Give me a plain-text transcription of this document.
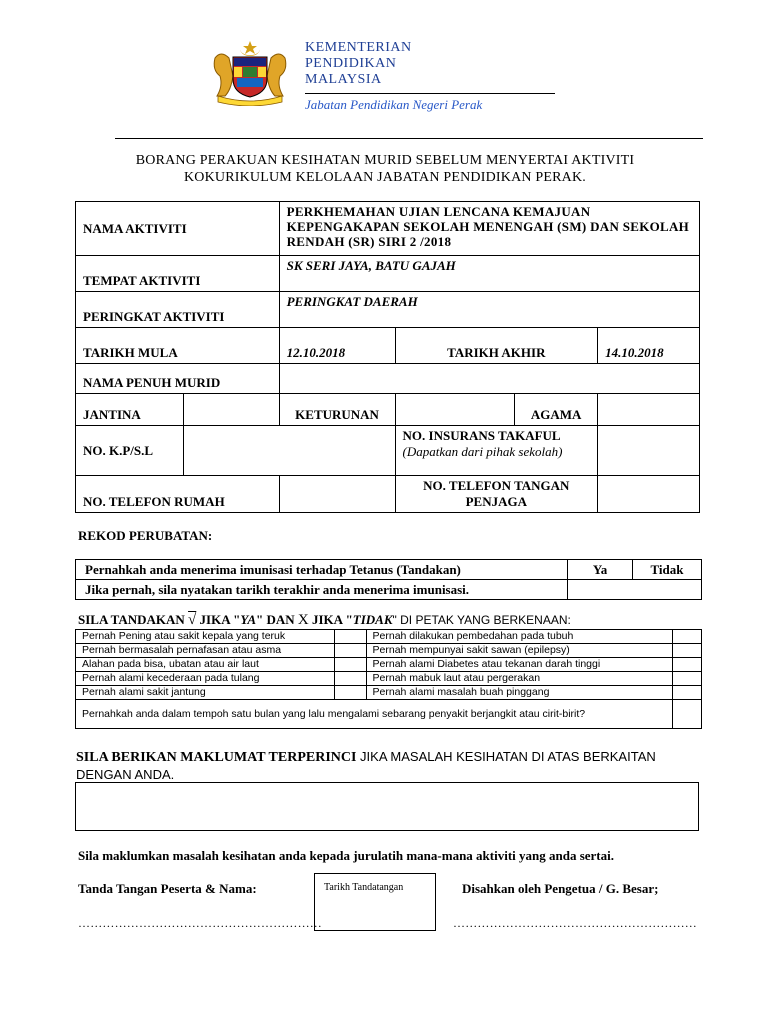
KEMENTERIAN
PENDIDIKAN
MALAYSIA
Jabatan Pendidikan Negeri Perak
BORANG PERAKUAN KESIHATAN MURID SEBELUM MENYERTAI AKTIVITI
KOKURIKULUM KELOLAAN JABATAN PENDIDIKAN PERAK.
NAMA AKTIVITI		PERKHEMAHAN UJIAN LENCANA KEMAJUAN KEPENGAKAPAN SEKOLAH MENENGAH (SM) DAN SEKOLAH RENDAH (SR) SIRI 2 /2018			
TEMPAT AKTIVITI		SK SERI JAYA, BATU GAJAH			
PERINGKAT AKTIVITI		PERINGKAT DAERAH			
TARIKH MULA		12.10.2018	TARIKH AKHIR		14.10.2018
NAMA PENUH MURID					
JANTINA		KETURUNAN		AGAMA	
NO. K.P/S.L			NO. INSURANS TAKAFUL (Dapatkan dari pihak sekolah)		
NO. TELEFON RUMAH			NO. TELEFON TANGAN PENJAGA		
REKOD PERUBATAN:
Pernahkah anda menerima imunisasi terhadap Tetanus (Tandakan)	Ya	Tidak
Jika pernah, sila nyatakan tarikh terakhir anda menerima imunisasi.		
SILA TANDAKAN √ JIKA "YA" DAN X JIKA "TIDAK" DI PETAK YANG BERKENAAN:
Pernah Pening atau sakit kepala yang teruk		Pernah dilakukan pembedahan pada tubuh	
Pernah bermasalah pernafasan atau asma		Pernah mempunyai sakit sawan (epilepsy)	
Alahan pada bisa, ubatan atau air laut		Pernah alami Diabetes atau tekanan darah tinggi	
Pernah alami kecederaan pada tulang		Pernah mabuk laut atau pergerakan	
Pernah alami sakit jantung		Pernah alami masalah buah pinggang	
Pernahkah anda dalam tempoh satu bulan yang lalu mengalami sebarang penyakit berjangkit atau cirit-birit?			
SILA BERIKAN MAKLUMAT TERPERINCI JIKA MASALAH KESIHATAN DI ATAS BERKAITAN DENGAN ANDA.
Sila maklumkan masalah kesihatan anda kepada jurulatih mana-mana aktiviti yang anda sertai.
Tanda Tangan Peserta & Nama:	Tarikh Tandatangan	Disahkan oleh Pengetua / G. Besar;
……………………………………………………	……………………………………………………
